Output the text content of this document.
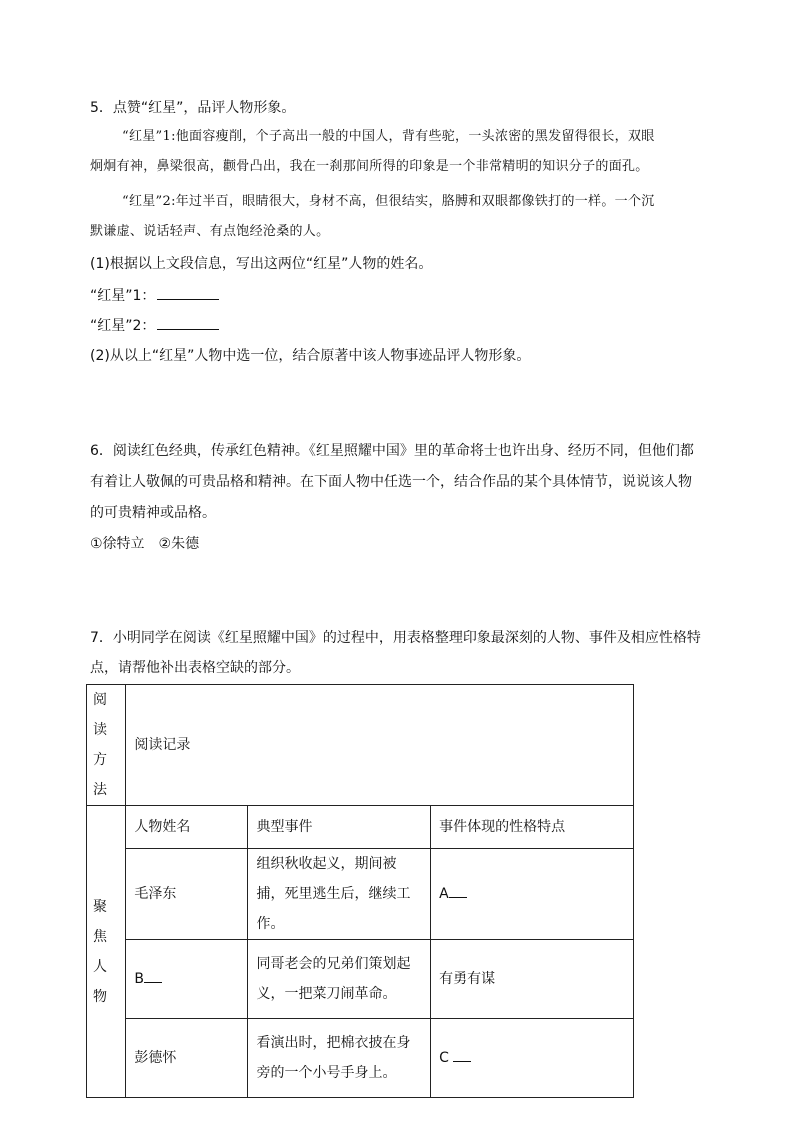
5．点赞“红星”，品评人物形象。
“红星”1:他面容瘦削，个子高出一般的中国人，背有些驼，一头浓密的黑发留得很长，双眼
炯炯有神，鼻梁很高，颧骨凸出，我在一刹那间所得的印象是一个非常精明的知识分子的面孔。
“红星”2:年过半百，眼睛很大，身材不高，但很结实，胳膊和双眼都像铁打的一样。一个沉
默谦虚、说话轻声、有点饱经沧桑的人。
(1)根据以上文段信息，写出这两位“红星”人物的姓名。
“红星”1：
“红星”2：
(2)从以上“红星”人物中选一位，结合原著中该人物事迹品评人物形象。
6．阅读红色经典，传承红色精神。《红星照耀中国》里的革命将士也许出身、经历不同，但他们都
有着让人敬佩的可贵品格和精神。在下面人物中任选一个，结合作品的某个具体情节，说说该人物
的可贵精神或品格。
①徐特立　②朱德
7．小明同学在阅读《红星照耀中国》的过程中，用表格整理印象最深刻的人物、事件及相应性格特
点，请帮他补出表格空缺的部分。
阅读方法	阅读记录		
聚焦人物	人物姓名	典型事件	事件体现的性格特点
	毛泽东	组织秋收起义，期间被捕，死里逃生后，继续工作。	A
	B	同哥老会的兄弟们策划起义，一把菜刀闹革命。	有勇有谋
	彭德怀	看演出时，把棉衣披在身旁的一个小号手身上。	C
